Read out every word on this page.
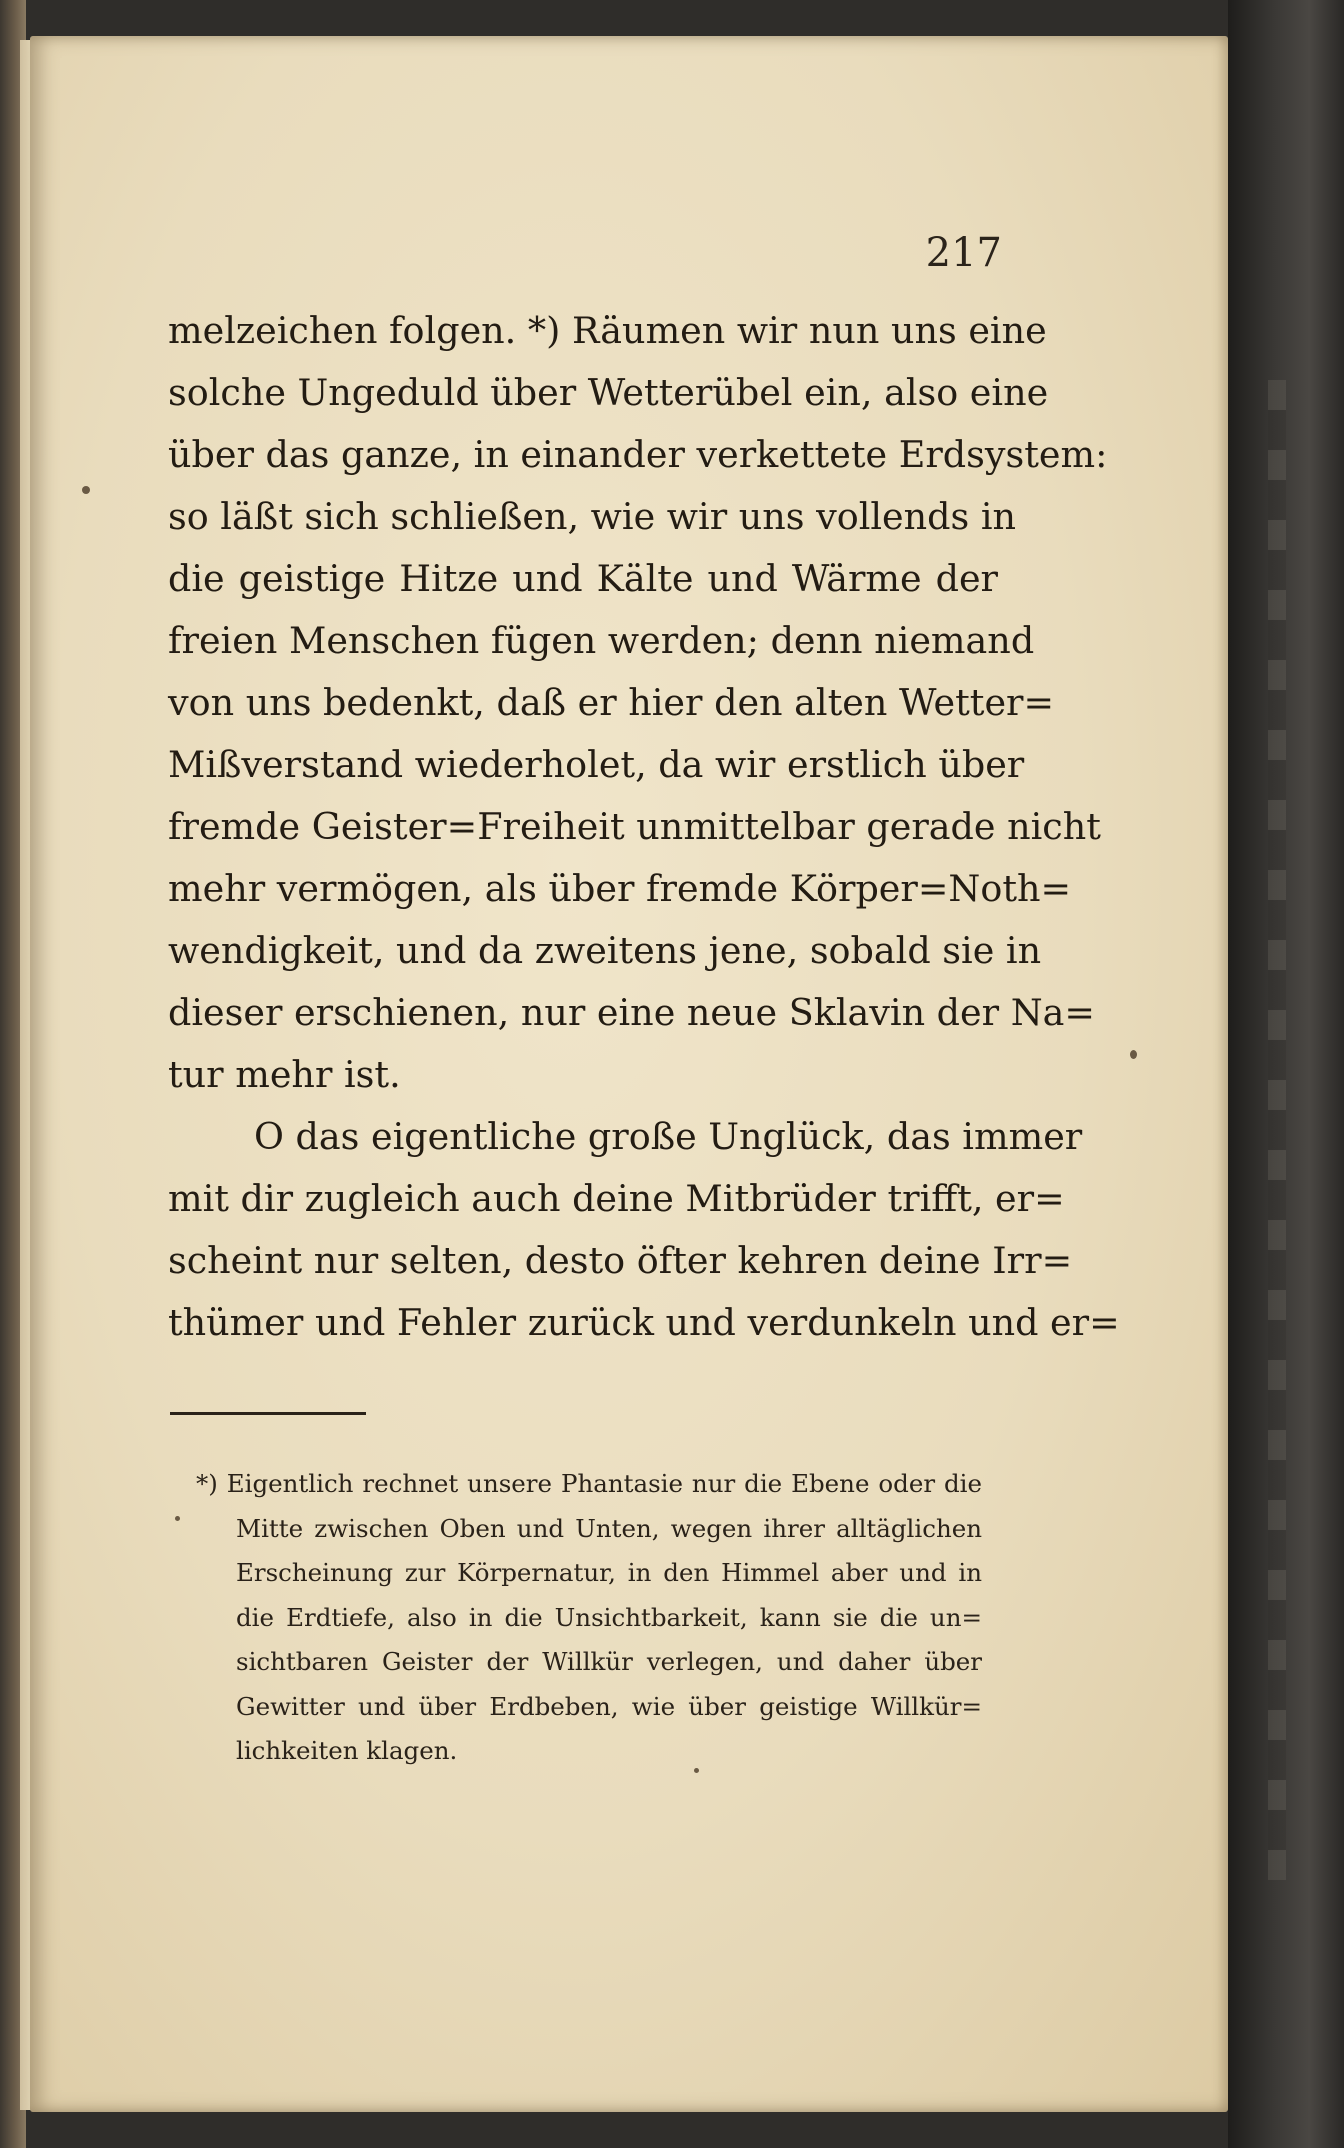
217
melzeichen folgen. *) Räumen wir nun uns eine
solche Ungeduld über Wetterübel ein, also eine
über das ganze, in einander verkettete Erdsystem:
so läßt sich schließen, wie wir uns vollends in
die geistige Hitze und Kälte und Wärme der
freien Menschen fügen werden; denn niemand
von uns bedenkt, daß er hier den alten Wetter=
Mißverstand wiederholet, da wir erstlich über
fremde Geister=Freiheit unmittelbar gerade nicht
mehr vermögen, als über fremde Körper=Noth=
wendigkeit, und da zweitens jene, sobald sie in
dieser erschienen, nur eine neue Sklavin der Na=
tur mehr ist.
O das eigentliche große Unglück, das immer
mit dir zugleich auch deine Mitbrüder trifft, er=
scheint nur selten, desto öfter kehren deine Irr=
thümer und Fehler zurück und verdunkeln und er=
*) Eigentlich rechnet unsere Phantasie nur die Ebene oder die
Mitte zwischen Oben und Unten, wegen ihrer alltäglichen
Erscheinung zur Körpernatur, in den Himmel aber und in
die Erdtiefe, also in die Unsichtbarkeit, kann sie die un=
sichtbaren Geister der Willkür verlegen, und daher über
Gewitter und über Erdbeben, wie über geistige Willkür=
lichkeiten klagen.
